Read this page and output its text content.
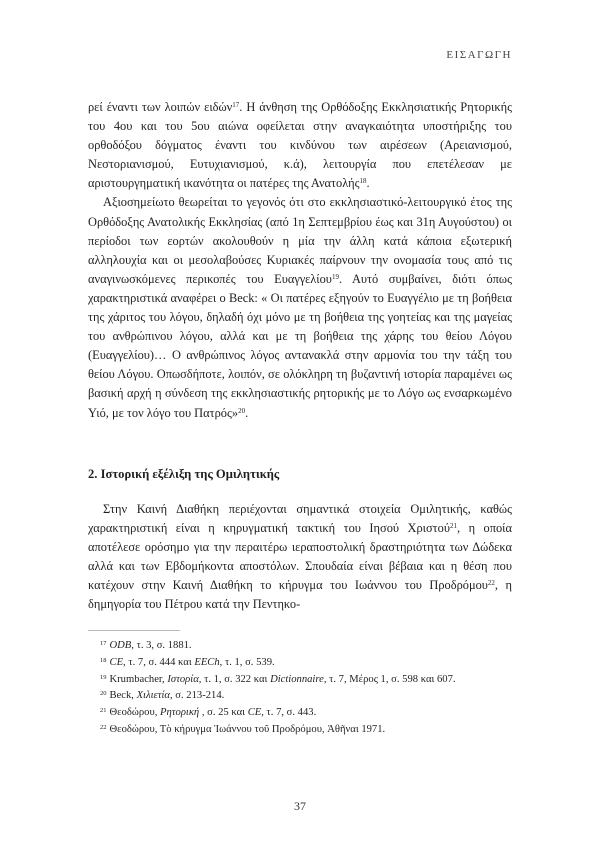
ΕΙΣΑΓΩΓΗ

ρεί έναντι των λοιπών ειδών$^{17}$. Η άνθηση της Ορθόδοξης Εκκλησιατικής Ρητορικής του 4ου και του 5ου αιώνα οφείλεται στην αναγκαιότητα υποστήριξης του ορθοδόξου δόγματος έναντι του κινδύνου των αιρέσεων (Αρειανισμού, Νεστοριανισμού, Ευτυχιανισμού, κ.ά), λειτουργία που επετέλεσαν με αριστουργηματική ικανότητα οι πατέρες της Ανατολής$^{18}$.

Αξιοσημείωτο θεωρείται το γεγονός ότι στο εκκλησιαστικό-λειτουργικό έτος της Ορθόδοξης Ανατολικής Εκκλησίας (από 1η Σεπτεμβρίου έως και 31η Αυγούστου) οι περίοδοι των εορτών ακολουθούν η μία την άλλη κατά κάποια εξωτερική αλληλουχία και οι μεσολαβούσες Κυριακές παίρνουν την ονομασία τους από τις αναγινωσκόμενες περικοπές του Ευαγγελίου$^{19}$. Αυτό συμβαίνει, διότι όπως χαρακτηριστικά αναφέρει ο Beck: « Οι πατέρες εξηγούν το Ευαγγέλιο με τη βοήθεια της χάριτος του λόγου, δηλαδή όχι μόνο με τη βοήθεια της γοητείας και της μαγείας του ανθρώπινου λόγου, αλλά και με τη βοήθεια της χάρης του θείου Λόγου (Ευαγγελίου)… Ο ανθρώπινος λόγος αντανακλά στην αρμονία του την τάξη του θείου Λόγου. Οπωσδήποτε, λοιπόν, σε ολόκληρη τη βυζαντινή ιστορία παραμένει ως βασική αρχή η σύνδεση της εκκλησιαστικής ρητορικής με το Λόγο ως ενσαρκωμένο Υιό, με τον λόγο του Πατρός»$^{20}$.

2. Ιστορική εξέλιξη της Ομιλητικής

Στην Καινή Διαθήκη περιέχονται σημαντικά στοιχεία Ομιλητικής, καθώς χαρακτηριστική είναι η κηρυγματική τακτική του Ιησού Χριστού$^{21}$, η οποία αποτέλεσε ορόσημο για την περαιτέρω ιεραποστολική δραστηριότητα των Δώδεκα αλλά και των Εβδομήκοντα αποστόλων. Σπουδαία είναι βέβαια και η θέση που κατέχουν στην Καινή Διαθήκη το κήρυγμα του Ιωάννου του Προδρόμου$^{22}$, η δημηγορία του Πέτρου κατά την Πεντηκο-

$^{17}$ ODB, τ. 3, σ. 1881.

$^{18}$ CE, τ. 7, σ. 444 και EECh, τ. 1, σ. 539.

$^{19}$ Krumbacher, Ιστορία, τ. 1, σ. 322 και Dictionnaire, τ. 7, Μέρος 1, σ. 598 και 607.

$^{20}$ Beck, Χιλιετία, σ. 213-214.

$^{21}$ Θεοδώρου, Ρητορική , σ. 25 και CE, τ. 7, σ. 443.

$^{22}$ Θεοδώρου, Τὸ κήρυγμα Ἰωάννου τοῦ Προδρόμου, Ἀθῆναι 1971.

37
